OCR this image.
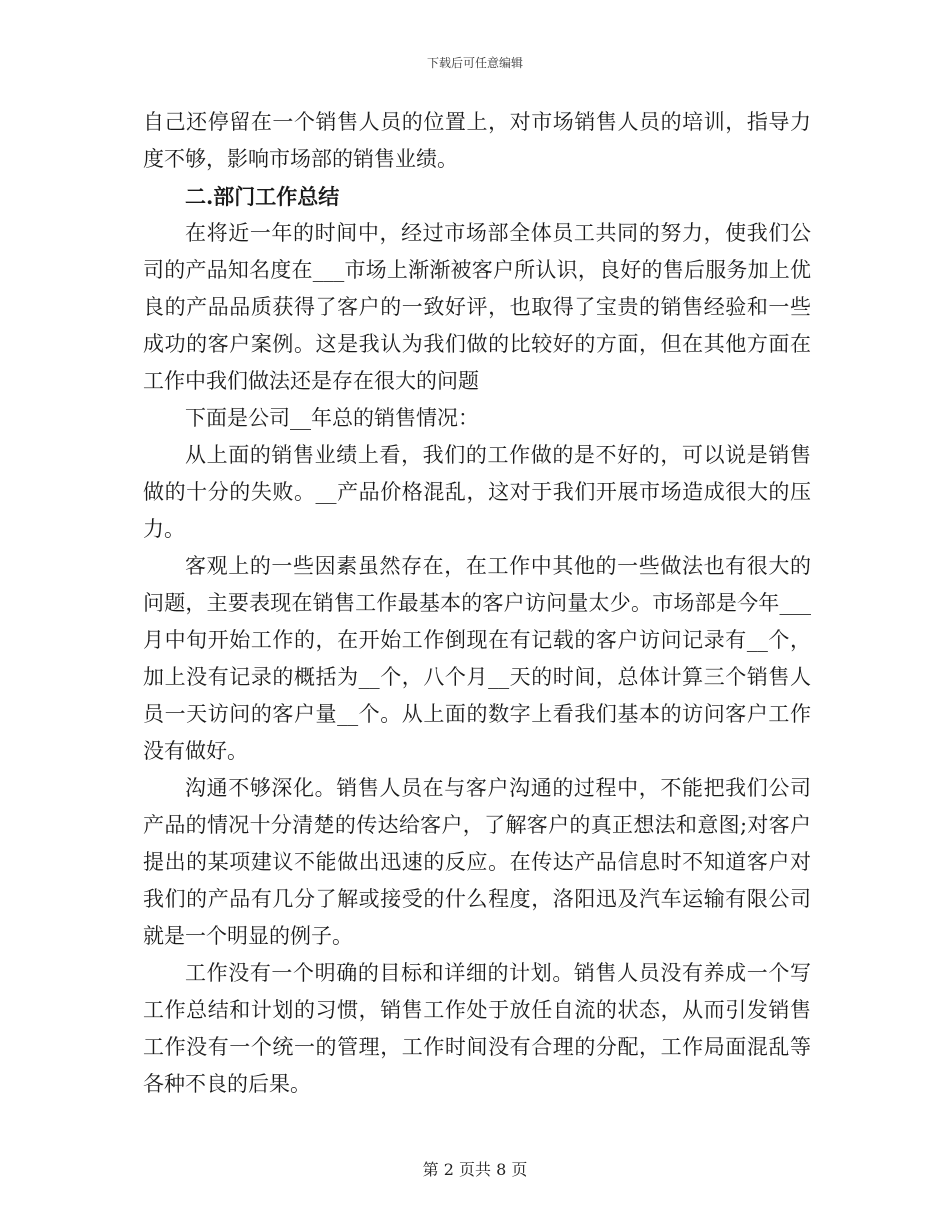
下载后可任意编辑

自己还停留在一个销售人员的位置上，对市场销售人员的培训，指导力度不够，影响市场部的销售业绩。

二.部门工作总结

在将近一年的时间中，经过市场部全体员工共同的努力，使我们公司的产品知名度在___市场上渐渐被客户所认识，良好的售后服务加上优良的产品品质获得了客户的一致好评，也取得了宝贵的销售经验和一些成功的客户案例。这是我认为我们做的比较好的方面，但在其他方面在工作中我们做法还是存在很大的问题

下面是公司__年总的销售情况：

从上面的销售业绩上看，我们的工作做的是不好的，可以说是销售做的十分的失败。__产品价格混乱，这对于我们开展市场造成很大的压力。

客观上的一些因素虽然存在，在工作中其他的一些做法也有很大的问题，主要表现在销售工作最基本的客户访问量太少。市场部是今年___月中旬开始工作的，在开始工作倒现在有记载的客户访问记录有__个，加上没有记录的概括为__个，八个月__天的时间，总体计算三个销售人员一天访问的客户量__个。从上面的数字上看我们基本的访问客户工作没有做好。

沟通不够深化。销售人员在与客户沟通的过程中，不能把我们公司产品的情况十分清楚的传达给客户，了解客户的真正想法和意图;对客户提出的某项建议不能做出迅速的反应。在传达产品信息时不知道客户对我们的产品有几分了解或接受的什么程度，洛阳迅及汽车运输有限公司就是一个明显的例子。

工作没有一个明确的目标和详细的计划。销售人员没有养成一个写工作总结和计划的习惯，销售工作处于放任自流的状态，从而引发销售工作没有一个统一的管理，工作时间没有合理的分配，工作局面混乱等各种不良的后果。

第 2 页共 8 页
